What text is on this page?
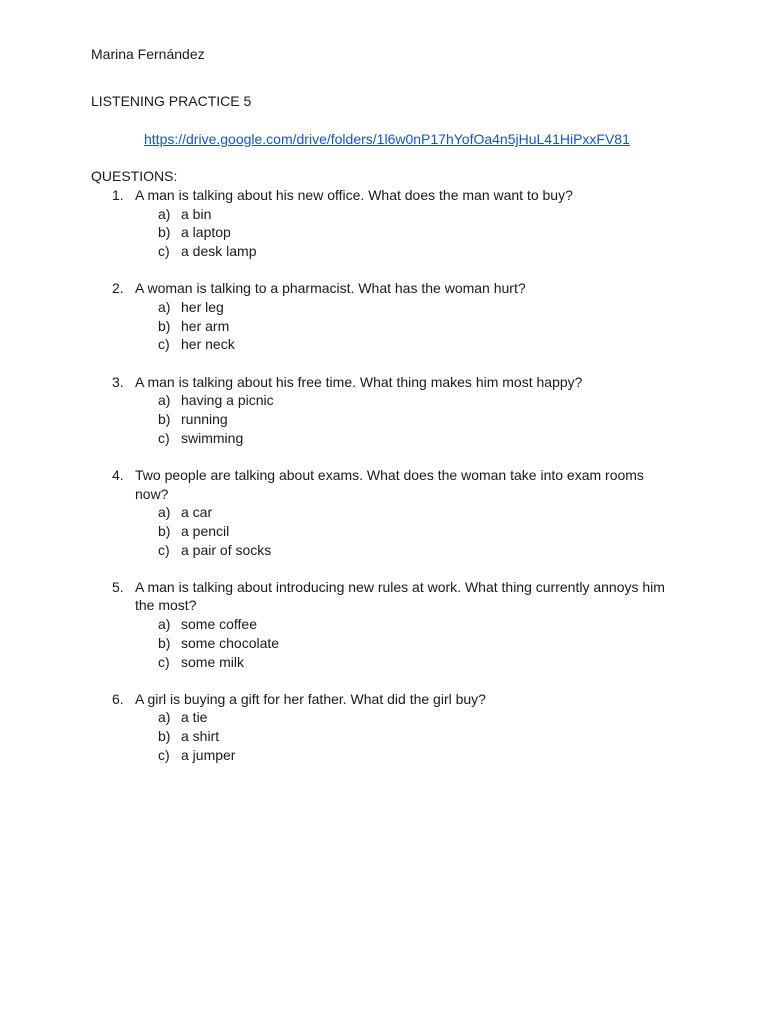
Marina Fernández
LISTENING PRACTICE 5
https://drive.google.com/drive/folders/1l6w0nP17hYofOa4n5jHuL41HiPxxFV81
QUESTIONS:
1. A man is talking about his new office. What does the man want to buy?
a) a bin
b) a laptop
c) a desk lamp
2. A woman is talking to a pharmacist. What has the woman hurt?
a) her leg
b) her arm
c) her neck
3. A man is talking about his free time. What thing makes him most happy?
a) having a picnic
b) running
c) swimming
4. Two people are talking about exams. What does the woman take into exam rooms now?
a) a car
b) a pencil
c) a pair of socks
5. A man is talking about introducing new rules at work. What thing currently annoys him the most?
a) some coffee
b) some chocolate
c) some milk
6. A girl is buying a gift for her father. What did the girl buy?
a) a tie
b) a shirt
c) a jumper
